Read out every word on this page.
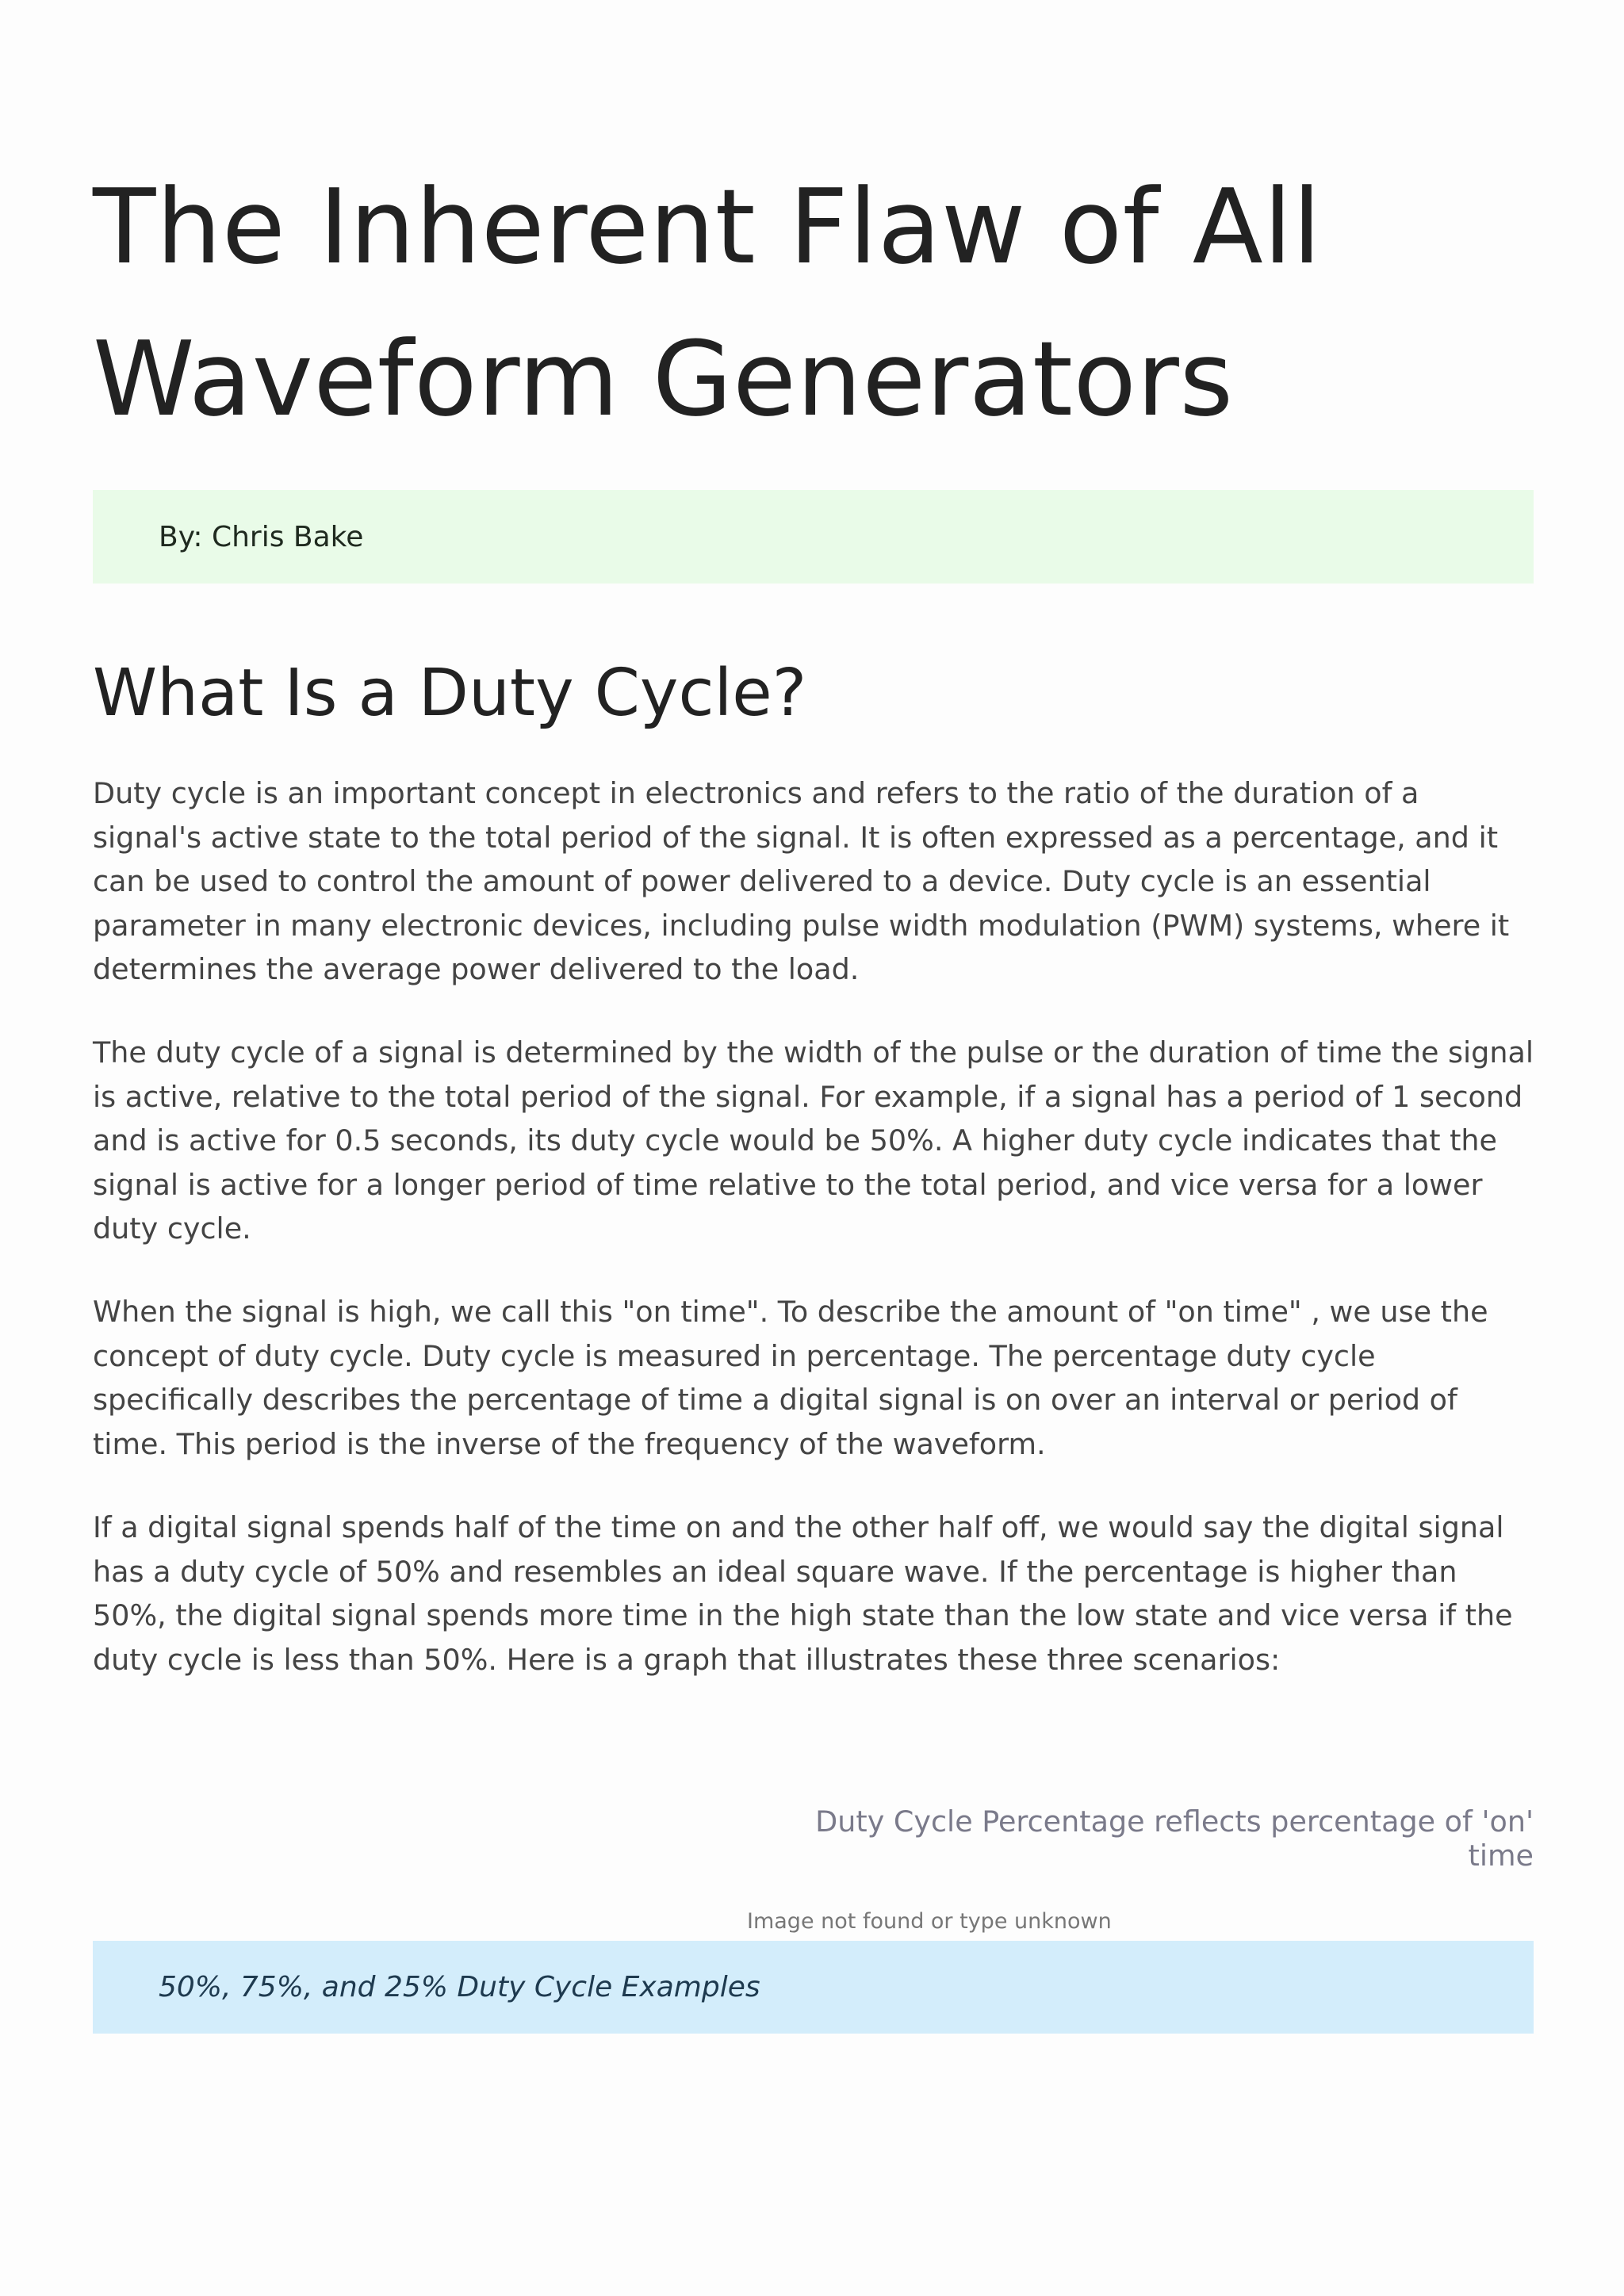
The Inherent Flaw of All
Waveform Generators
By: Chris Bake
What Is a Duty Cycle?

Duty cycle is an important concept in electronics and refers to the ratio of the duration of a signal's active state to the total period of the signal. It is often expressed as a percentage, and it can be used to control the amount of power delivered to a device. Duty cycle is an essential parameter in many electronic devices, including pulse width modulation (PWM) systems, where it determines the average power delivered to the load.

The duty cycle of a signal is determined by the width of the pulse or the duration of time the signal is active, relative to the total period of the signal. For example, if a signal has a period of 1 second and is active for 0.5 seconds, its duty cycle would be 50%. A higher duty cycle indicates that the signal is active for a longer period of time relative to the total period, and vice versa for a lower duty cycle.

When the signal is high, we call this "on time". To describe the amount of "on time" , we use the concept of duty cycle. Duty cycle is measured in percentage. The percentage duty cycle specifically describes the percentage of time a digital signal is on over an interval or period of time. This period is the inverse of the frequency of the waveform.

If a digital signal spends half of the time on and the other half off, we would say the digital signal has a duty cycle of 50% and resembles an ideal square wave. If the percentage is higher than 50%, the digital signal spends more time in the high state than the low state and vice versa if the duty cycle is less than 50%. Here is a graph that illustrates these three scenarios:

Duty Cycle Percentage reflects percentage of 'on' time
Image not found or type unknown
50%, 75%, and 25% Duty Cycle Examples
